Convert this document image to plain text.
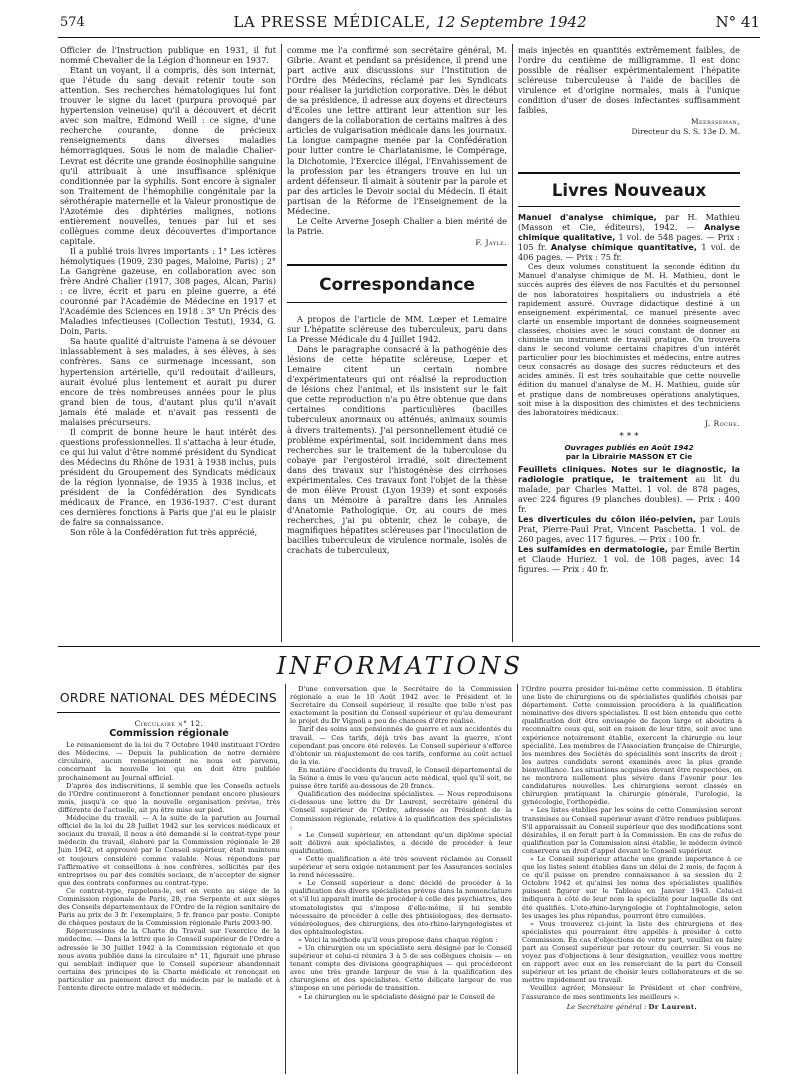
574	LA PRESSE MÉDICALE, 12 Septembre 1942	N° 41

Officier de l'Instruction publique en 1931, il fut nommé Chevalier de la Légion d'honneur en 1937.

Étant un voyant, il a compris, dès son internat, que l'étude du sang devait retenir toute son attention. Ses recherches hématologiques lui font trouver le signe du lacet (purpura provoqué par hypertension veineuse) qu'il a découvert et décrit avec son maître, Edmond Weill : ce signe, d'une recherche courante, donne de précieux renseignements dans diverses maladies hémorragiques. Sous le nom de maladie Chalier-Levrat est décrite une grande éosinophilie sanguine qu'il attribuait à une insuffisance splénique conditionnée par la syphilis. Sont encore à signaler son Traitement de l'hémophilie congénitale par la sérothérapie maternelle et la Valeur pronostique de l'Azotémie des diphtéries malignes, notions entièrement nouvelles, tenues par lui et ses collègues comme deux découvertes d'importance capitale.

Il a publié trois livres importants : 1° Les ictères hémolytiques (1909, 230 pages, Maloine, Paris) ; 2° La Gangrène gazeuse, en collaboration avec son frère André Chalier (1917, 308 pages, Alcan, Paris) : ce livre, écrit et paru en pleine guerre, a été couronné par l'Académie de Médecine en 1917 et l'Académie des Sciences en 1918 : 3° Un Précis des Maladies infectieuses (Collection Testut), 1934, G. Doin, Paris.

Sa haute qualité d'altruiste l'amena à se dévouer inlassablement à ses malades, à ses élèves, à ses confrères. Sans ce surmenage incessant, son hypertension artérielle, qu'il redoutait d'ailleurs, aurait évolué plus lentement et aurait pu durer encore de très nombreuses années pour le plus grand bien de tous, d'autant plus qu'il n'avait jamais été malade et n'avait pas ressenti de malaises précurseurs.

Il comprit de bonne heure le haut intérêt des questions professionnelles. Il s'attacha à leur étude, ce qui lui valut d'être nommé président du Syndicat des Médecins du Rhône de 1931 à 1938 inclus, puis président du Groupement des Syndicats médicaux de la région lyonnaise, de 1935 à 1938 inclus, et président de la Confédération des Syndicats médicaux de France, en 1936-1937. C'est durant ces dernières fonctions à Paris que j'ai eu le plaisir de faire sa connaissance.

Son rôle à la Confédération fut très apprécié,

comme me l'a confirmé son secrétaire général, M. Gibrie. Avant et pendant sa présidence, il prend une part active aux discussions sur l'Institution de l'Ordre des Médecins, réclamé par les Syndicats pour réaliser la juridiction corporative. Dès le début de sa présidence, il adresse aux doyens et directeurs d'Écoles une lettre attirant leur attention sur les dangers de la collaboration de certains maîtres à des articles de vulgarisation médicale dans les journaux. La longue campagne menée par la Confédération pour lutter contre le Charlatanisme, le Compérage, la Dichotomie, l'Exercice illégal, l'Envahissement de la profession par les étrangers trouve en lui un ardent défenseur. Il aimait à soutenir par la parole et par des articles le Devoir social du Médecin. Il était partisan de la Réforme de l'Enseignement de la Médecine.

Le Celte Arverne Joseph Chalier a bien mérité de la Patrie.

F. Jayle.
Correspondance

A propos de l'article de MM. Lœper et Lemaire sur L'hépatite scléreuse des tuberculeux, paru dans La Presse Médicale du 4 Juillet 1942.

Dans le paragraphe consacré à la pathogénie des lésions de cette hépatite scléreuse, Lœper et Lemaire citent un certain nombre d'expérimentateurs qui ont réalisé la reproduction de lésions chez l'animal, et ils insistent sur le fait que cette reproduction n'a pu être obtenue que dans certaines conditions particulières (bacilles tuberculeux anormaux ou atténués, animaux soumis à divers traitements). J'ai personnellement étudié ce problème expérimental, soit incidemment dans mes recherches sur le traitement de la tuberculose du cobaye par l'ergostérol irradié, soit directement dans des travaux sur l'histogénèse des cirrhoses expérimentales. Ces travaux font l'objet de la thèse de mon élève Proust (Lyon 1939) et sont exposés dans un Mémoire à paraître dans les Annales d'Anatomie Pathologique. Or, au cours de mes recherches, j'ai pu obtenir, chez le cobaye, de magnifiques hépatites scléreuses par l'inoculation de bacilles tuberculeux de virulence normale, isolés de crachats de tuberculeux,

mais injectés en quantités extrêmement faibles, de l'ordre du centième de milligramme. Il est donc possible de réaliser expérimentalement l'hépatite scléreuse tuberculeuse à l'aide de bacilles de virulence et d'origine normales, mais à l'unique condition d'user de doses infectantes suffisamment faibles.

Meersseman,
Directeur du S. S. 13e D. M.
Livres Nouveaux

Manuel d'analyse chimique, par H. Mathieu (Masson et Cie, éditeurs), 1942. — Analyse chimique qualitative, 1 vol. de 548 pages. — Prix : 105 fr. Analyse chimique quantitative, 1 vol. de 406 pages. — Prix : 75 fr.

Ces deux volumes constituent la seconde édition du Manuel d'analyse chimique de M. H. Mathieu, dont le succès auprès des élèves de nos Facultés et du personnel de nos laboratoires hospitaliers ou industriels a été rapidement assuré. Ouvrage didactique destiné à un enseignement expérimental, ce manuel présente avec clarté un ensemble important de données soigneusement classées, choisies avec le souci constant de donner au chimiste un instrument de travail pratique. On trouvera dans le second volume certains chapitres d'un intérêt particulier pour les biochimistes et médecins, entre autres ceux consacrés au dosage des sucres réducteurs et des acides aminés. Il est très souhaitable que cette nouvelle édition du manuel d'analyse de M. H. Mathieu, guide sûr et pratique dans de nombreuses opérations analytiques, soit mise à la disposition des chimistes et des techniciens des laboratoires médicaux.

J. Roche.
* * *
Ouvrages publiés en Août 1942
par la Librairie MASSON ET Cie

Feuillets cliniques. Notes sur le diagnostic, la radiologie pratique, le traitement au lit du malade, par Charles Mattei. 1 vol. de 878 pages, avec 224 figures (9 planches doubles). — Prix : 400 fr.

Les diverticules du côlon iléo-pelvien, par Louis Prat, Pierre-Paul Prat, Vincent Paschetta. 1 vol. de 260 pages, avec 117 figures. — Prix : 100 fr.

Les sulfamides en dermatologie, par Émile Bertin et Claude Huriez. 1 vol. de 108 pages, avec 14 figures. — Prix : 40 fr.

INFORMATIONS
ORDRE NATIONAL DES MÉDECINS
Circulaire n° 12.
Commission régionale

Le remaniement de la loi du 7 Octobre 1940 instituant l'Ordre des Médecins. — Depuis la publication de notre dernière circulaire, aucun renseignement ne nous est parvenu, concernant la nouvelle loi qui en doit être publiée prochainement au Journal officiel.

D'après des indiscrétions, il semble que les Conseils actuels de l'Ordre continueront à fonctionner pendant encore plusieurs mois, jusqu'à ce que la nouvelle organisation prévue, très différente de l'actuelle, ait pu être mise sur pied.

Médecine du travail. — A la suite de la parution au Journal officiel de la loi du 28 Juillet 1942 sur les services médicaux et sociaux du travail, il nous a été demandé si le contrat-type pour médecin du travail, élaboré par la Commission régionale le 28 Juin 1942, et approuvé par le Conseil supérieur, était maintenu et toujours considéré comme valable. Nous répondons par l'affirmative et conseillons à nos confrères, sollicités par des entreprises ou par des comités sociaux, de n'accepter de signer que des contrats conformes au contrat-type.

Ce contrat-type, rappelons-le, est en vente au siège de la Commission régionale de Paris, 28, rue Serpente et aux sièges des Conseils départementaux de l'Ordre de la région sanitaire de Paris au prix de 3 fr. l'exemplaire, 5 fr. franco par poste. Compte de chèques postaux de la Commission régionale Paris 2093-90.

Répercussions de la Charte du Travail sur l'exercice de la médecine. — Dans la lettre que le Conseil supérieur de l'Ordre a adressée le 30 Juillet 1942 à la Commission régionale et que nous avons publiée dans la circulaire n° 11, figurait une phrase qui semblait indiquer que le Conseil supérieur abandonnait certains des principes de la Charte médicale et renonçait en particulier au paiement direct du médecin par le malade et à l'entente directe entre malade et médecin.

D'une conversation que le Secrétaire de la Commission régionale a eue le 10 Août 1942 avec le Président et le Secrétaire du Conseil supérieur, il résulte que telle n'est pas exactement la position du Conseil supérieur et qu'au demeurant le projet du Dr Vignoli a peu de chances d'être réalisé.

Tarif des soins aux pensionnés de guerre et aux accidentés du travail. — Ces tarifs, déjà très bas avant la guerre, n'ont cependant pas encore été relevés. Le Conseil supérieur s'efforce d'obtenir un réajustement de ces tarifs, conforme au coût actuel de la vie.

En matière d'accidents du travail, le Conseil départemental de la Seine a émis le vœu qu'aucun acte médical, quel qu'il soit, ne puisse être tarifé au-dessous de 20 francs.

Qualification des médecins spécialistes. — Nous reproduisons ci-dessous une lettre du Dr Laurent, secrétaire général du Conseil supérieur de l'Ordre, adressée au Président de la Commission régionale, relative à la qualification des spécialistes :

« Le Conseil supérieur, en attendant qu'un diplôme spécial soit délivré aux spécialistes, a décidé de procéder à leur qualification.

« Cette qualification a été très souvent réclamée au Conseil supérieur et sera exigée notamment par les Assurances sociales la rend nécessaire.

« Le Conseil supérieur a donc décidé de procéder à la qualification des divers spécialistes prévus dans la nomenclature et s'il lui apparaît inutile de procéder à celle des psychiatres, des stomatologistes qui s'impose d'elle-même, il lui semble nécessaire de procéder à celle des phtisiologues, des dermato-vénéréologues, des chirurgiens, des oto-rhino-laryngologistes et des ophtalmologistes.

« Voici la méthode qu'il vous propose dans chaque région :

« Un chirurgien ou un spécialiste sera désigné par le Conseil supérieur et celui-ci réunira 3 à 5 de ses collègues choisis — en tenant compte des divisions géographiques — qui procéderont avec une très grande largeur de vue à la qualification des chirurgiens et des spécialistes. Cette délicate largeur de vue s'impose en une période de transition.

« Le chirurgien ou le spécialiste désigné par le Conseil de

l'Ordre pourra présider lui-même cette commission. Il établira une liste de chirurgiens ou de spécialistes qualifiés choisis par département. Cette commission procédera à la qualification nominative des divers spécialistes. Il est bien entendu que cette qualification doit être envisagée de façon large et aboutira à reconnaître ceux qui, soit en raison de leur titre, soit avec une expérience notoirement établie, exercent la chirurgie ou leur spécialité. Les membres de l'Association française de Chirurgie, les membres des Sociétés de spécialités sont inscrits de droit ; les autres candidats seront examinés avec la plus grande bienveillance. Les situations acquises devant être respectées, on ne montrera nullement plus sévère dans l'avenir pour les candidatures nouvelles. Les chirurgiens seront classés en chirurgien pratiquant la chirurgie générale, l'urologie, la gynécologie, l'orthopédie.

« Les listes établies par les soins de cette Commission seront transmises au Conseil supérieur avant d'être rendues publiques. S'il apparaissait au Conseil supérieur que des modifications sont désirables, il en ferait part à la Commission. En cas de refus de qualification par la Commission ainsi établie, le médecin évincé conservera un droit d'appel devant le Conseil supérieur.

« Le Conseil supérieur attache une grande importance à ce que les listes soient établies dans un délai de 2 mois, de façon à ce qu'il puisse en prendre connaissance à sa session du 2 Octobre 1942 et qu'ainsi les noms des spécialistes qualifiés puissent figurer sur le Tableau en Janvier 1943. Celui-ci indiquera à côté de leur nom la spécialité pour laquelle ils ont été qualifiés. L'oto-rhino-laryngologie et l'ophtalmologie, selon les usages les plus répandus, pourront être cumulées.

« Vous trouverez ci-joint la liste des chirurgiens et des spécialistes qui pourraient être appelés à présider à cette Commission. En cas d'objections de votre part, veuillez en faire part au Conseil supérieur par retour du courrier. Si vous ne voyez pas d'objections à leur désignation, veuillez vous mettre en rapport avec eux en les remerciant de la part du Conseil supérieur et les priant de choisir leurs collaborateurs et de se mettre rapidement au travail.

Veuillez agréer, Monsieur le Président et cher confrère, l'assurance de mes sentiments les meilleurs ».

Le Secrétaire général : Dr Laurent.
